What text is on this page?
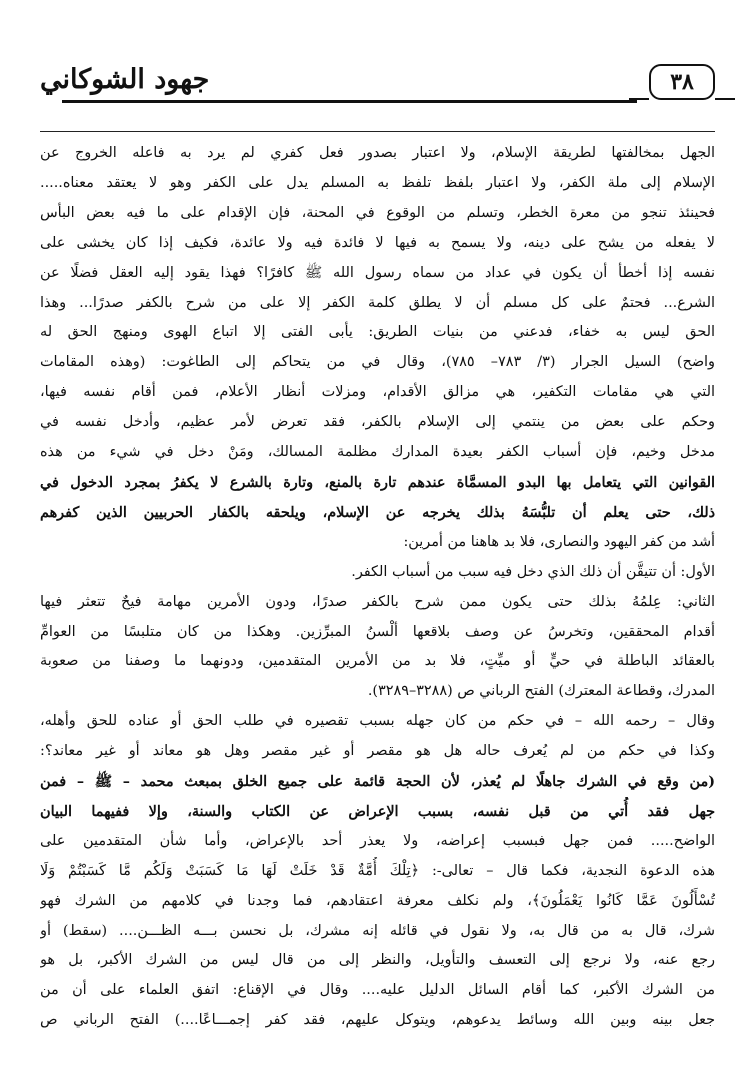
٣٨
جهود الشوكاني
الجهل بمخالفتها لطريقة الإسلام، ولا اعتبار بصدور فعل كفري لم يرد به فاعله الخروج عن
الإسلام إلى ملة الكفر، ولا اعتبار بلفظ تلفظ به المسلم يدل على الكفر وهو لا يعتقد معناه.....
فحينئذ تنجو من معرة الخطر، وتسلم من الوقوع في المحنة، فإن الإقدام على ما فيه بعض البأس
لا يفعله من يشح على دينه، ولا يسمح به فيها لا فائدة فيه ولا عائدة، فكيف إذا كان يخشى على
نفسه إذا أخطأ أن يكون في عداد من سماه رسول الله ﷺ كافرًا؟ فهذا يقود إليه العقل فضلًا عن
الشرع... فحتمٌ على كل مسلم أن لا يطلق كلمة الكفر إلا على من شرح بالكفر صدرًا... وهذا
الحق ليس به خفاء، فدعني من بنيات الطريق: يأبى الفتى إلا اتباع الهوى ومنهج الحق له
واضح) السيل الجرار (٣/ ٧٨٣– ٧٨٥)، وقال في من يتحاكم إلى الطاغوت: (وهذه المقامات
التي هي مقامات التكفير، هي مزالق الأقدام، ومزلات أنظار الأعلام، فمن أقام نفسه فيها،
وحكم على بعض من ينتمي إلى الإسلام بالكفر، فقد تعرض لأمر عظيم، وأدخل نفسه في
مدخل وخيم، فإن أسباب الكفر بعيدة المدارك مظلمة المسالك، ومَنْ دخل في شيء من هذه
القوانين التي يتعامل بها البدو المسمَّاة عندهم تارة بالمنع، وتارة بالشرع لا يكفرُ بمجرد الدخول في
ذلك، حتى يعلم أن تلبُّسَهُ بذلك يخرجه عن الإسلام، ويلحقه بالكفار الحربيين الذين كفرهم
أشد من كفر اليهود والنصارى، فلا بد هاهنا من أمرين:
الأول: أن تتيقَّن أن ذلك الذي دخل فيه سبب من أسباب الكفر.
الثاني: عِلمُهُ بذلك حتى يكون ممن شرح بالكفر صدرًا، ودون الأمرين مهامة فيحٌ تتعثر فيها
أقدام المحققين، وتخرسُ عن وصف بلاقعها ألْسنُ المبرِّزين. وهكذا من كان متلبسًا من العوامِّ
بالعقائد الباطلة في حيٍّ أو ميِّتٍ، فلا بد من الأمرين المتقدمين، ودونهما ما وصفنا من صعوبة
المدرك، وقطاعة المعترك) الفتح الرباني ص (٣٢٨٨–٣٢٨٩).
وقال – رحمه الله – في حكم من كان جهله بسبب تقصيره في طلب الحق أو عناده للحق وأهله،
وكذا في حكم من لم يُعرف حاله هل هو مقصر أو غير مقصر وهل هو معاند أو غير معاند؟:
(من وقع في الشرك جاهلًا لم يُعذر، لأن الحجة قائمة على جميع الخلق بمبعث محمد – ﷺ – فمن
جهل فقد أُتي من قبل نفسه، بسبب الإعراض عن الكتاب والسنة، وإلا ففيهما البيان
الواضح..... فمن جهل فبسبب إعراضه، ولا يعذر أحد بالإعراض، وأما شأن المتقدمين على
هذه الدعوة النجدية، فكما قال – تعالى-: ﴿تِلْكَ أُمَّةٌ قَدْ خَلَتْ لَهَا مَا كَسَبَتْ وَلَكُم مَّا كَسَبْتُمْ وَلَا
تُسْأَلُونَ عَمَّا كَانُوا يَعْمَلُونَ﴾، ولم نكلف معرفة اعتقادهم، فما وجدنا في كلامهم من الشرك فهو
شرك، قال به من قال به، ولا نقول في قائله إنه مشرك، بل نحسن بـــه الظـــن.... (سقط) أو
رجع عنه، ولا نرجع إلى التعسف والتأويل، والنظر إلى من قال ليس من الشرك الأكبر، بل هو
من الشرك الأكبر، كما أقام السائل الدليل عليه.... وقال في الإقناع: اتفق العلماء على أن من
جعل بينه وبين الله وسائط يدعوهم، ويتوكل عليهم، فقد كفر إجمـــاعًا....) الفتح الرباني ص
